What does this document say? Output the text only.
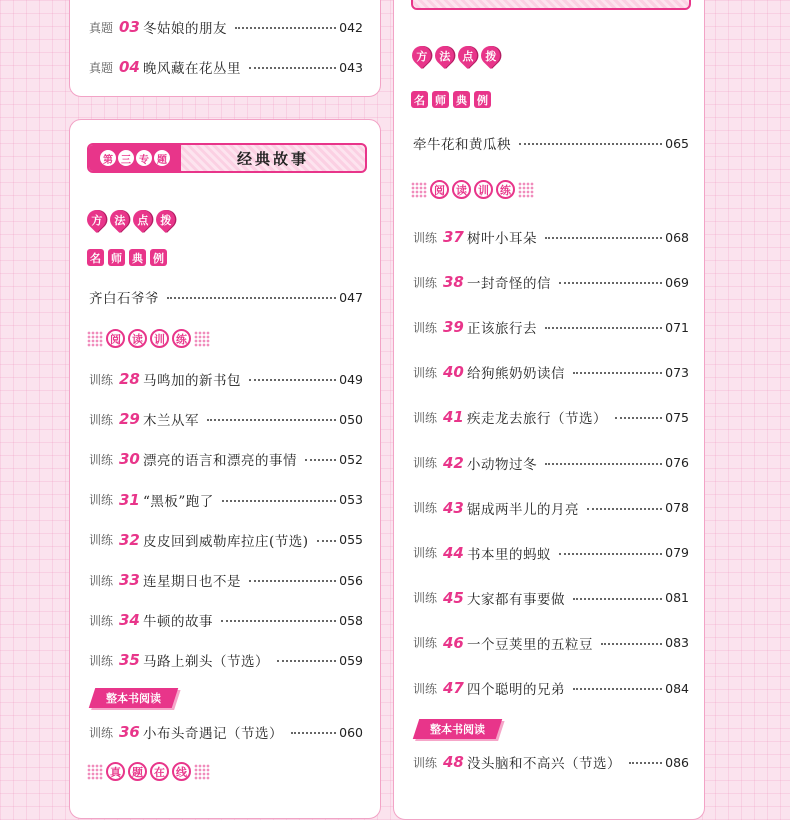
真题 03 冬姑娘的朋友	042
真题 04 晚风藏在花丛里	043
第 三 专 题	经典故事
方 法 点 拨
名 师 典 例
齐白石爷爷	047
阅	读	训	练
训练 28 马鸣加的新书包	049
训练 29 木兰从军	050
训练 30 漂亮的语言和漂亮的事情	052
训练 31 “黑板”跑了	053
训练 32 皮皮回到威勒库拉庄(节选) 055
训练 33 连星期日也不是	056
训练 34 牛顿的故事	058
训练 35 马路上剃头（节选）	059
整本书阅读
训练 36 小布头奇遇记（节选）	060
真	题	在	线
方 法 点 拨
名 师 典 例
牵牛花和黄瓜秧	065
阅	读	训	练
训练 37 树叶小耳朵	068
训练 38 一封奇怪的信	069
训练 39 正该旅行去	071
训练 40 给狗熊奶奶读信	073
训练 41 疾走龙去旅行（节选）	075
训练 42 小动物过冬	076
训练 43 锯成两半儿的月亮	078
训练 44 书本里的蚂蚁	079
训练 45 大家都有事要做	081
训练 46 一个豆荚里的五粒豆	083
训练 47 四个聪明的兄弟	084
整本书阅读
训练 48 没头脑和不高兴（节选）	086
